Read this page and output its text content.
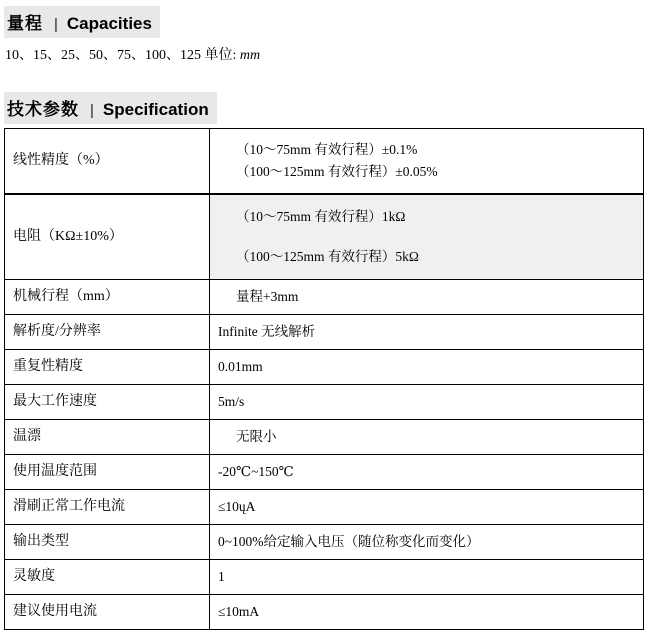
量程 | Capacities
10、15、25、50、75、100、125 单位: mm
技术参数 | Specification
线性精度（%）	（10～75mm 有效行程）±0.1%
（100～125mm 有效行程）±0.05%

电阻（KΩ±10%）	（10～75mm 有效行程）1kΩ
（100～125mm 有效行程）5kΩ

机械行程（mm）	量程+3mm

解析度/分辨率	Infinite 无线解析

重复性精度	0.01mm

最大工作速度	5m/s

温漂	无限小

使用温度范围	-20℃~150℃

滑刷正常工作电流	≤10ųA

输出类型	0~100%给定输入电压（随位称变化而变化）

灵敏度	1

建议使用电流	≤10mA
